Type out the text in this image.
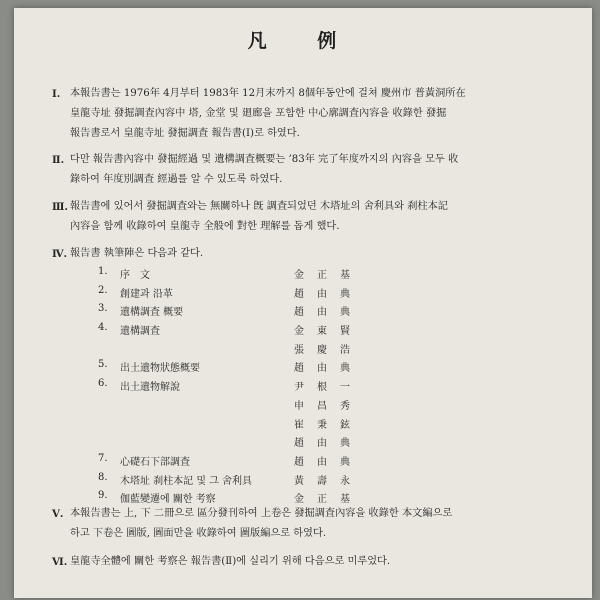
凡 例
Ⅰ. 本報告書는 1976年 4月부터 1983年 12月末까지 8個年동안에 걸쳐 慶州市 普黃洞所在
皇龍寺址 發掘調査內容中 塔, 金堂 및 廻廊을 포함한 中心廓調査內容을 收錄한 發掘
報告書로서 皇龍寺址 發掘調査 報告書(Ⅰ)로 하였다.
Ⅱ. 다만 報告書內容中 發掘經過 및 遺構調査概要는 ’83年 完了年度까지의 內容을 모두 收
錄하여 年度別調査 經過를 알 수 있도록 하였다.
Ⅲ. 報告書에 있어서 發掘調査와는 無關하나 旣 調査되었던 木塔址의 舍利具와 刹柱本記
內容을 함께 收錄하여 皇龍寺 全般에 對한 理解를 돕게 했다.
Ⅳ. 報告書 執筆陣은 다음과 같다.
1.	序　文	金正基
2.	創建과 沿革	趙由典
3.	遺構調査 概要	趙由典
4.	遺構調査	金東賢
張慶浩
5.	出土遺物狀態概要	趙由典
6.	出土遺物解說	尹根一
申昌秀
崔秉鉉
趙由典
7.	心礎石下部調査	趙由典
8.	木塔址 刹柱本記 및 그 舍利具	黃壽永
9.	伽藍變遷에 關한 考察	金正基
Ⅴ. 本報告書는 上, 下 二冊으로 區分發刊하여 上卷은 發掘調査內容을 收錄한 本文編으로
하고 下卷은 圖版, 圖面만을 收錄하여 圖版編으로 하였다.
Ⅵ. 皇龍寺全體에 關한 考察은 報告書(Ⅱ)에 실리기 위해 다음으로 미루었다.
